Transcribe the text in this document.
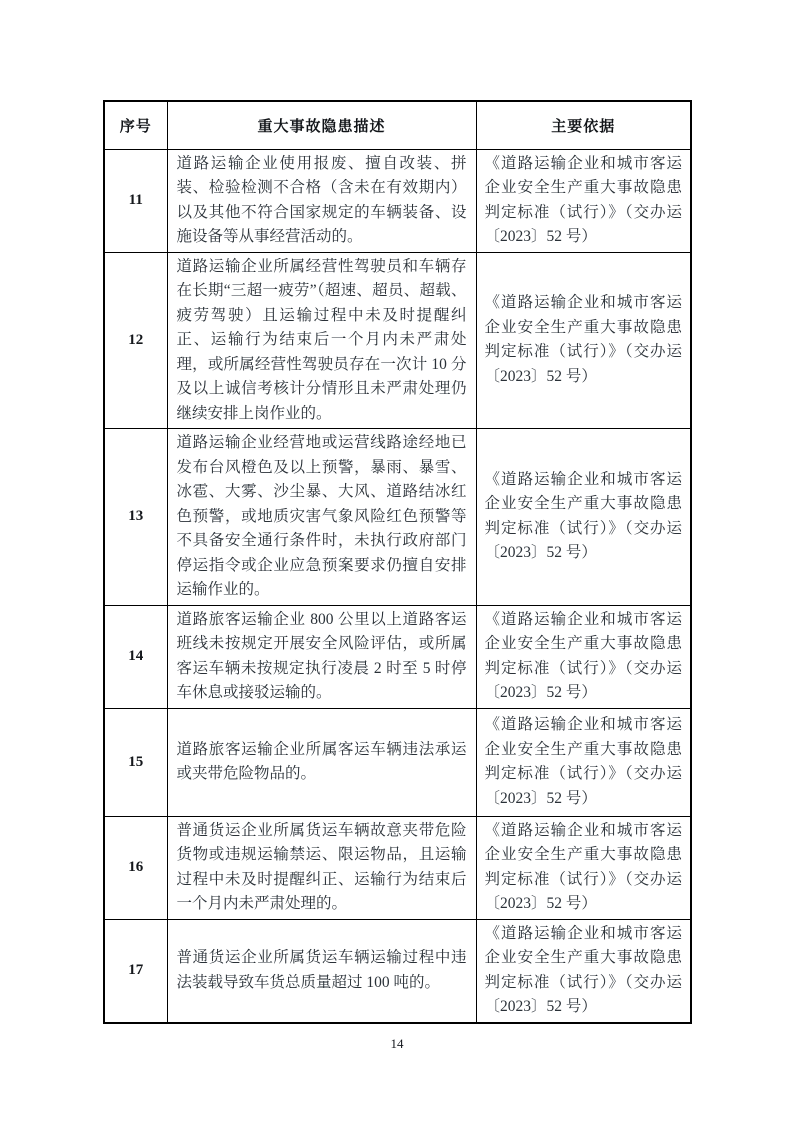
序号	重大事故隐患描述	主要依据
11	道路运输企业使用报废、擅自改装、拼装、检验检测不合格（含未在有效期内）以及其他不符合国家规定的车辆装备、设施设备等从事经营活动的。	《道路运输企业和城市客运企业安全生产重大事故隐患判定标准（试行）》（交办运〔2023〕52 号）
12	道路运输企业所属经营性驾驶员和车辆存在长期“三超一疲劳”（超速、超员、超载、疲劳驾驶）且运输过程中未及时提醒纠正、运输行为结束后一个月内未严肃处理，或所属经营性驾驶员存在一次计 10 分及以上诚信考核计分情形且未严肃处理仍继续安排上岗作业的。	《道路运输企业和城市客运企业安全生产重大事故隐患判定标准（试行）》（交办运〔2023〕52 号）
13	道路运输企业经营地或运营线路途经地已发布台风橙色及以上预警，暴雨、暴雪、冰雹、大雾、沙尘暴、大风、道路结冰红色预警，或地质灾害气象风险红色预警等不具备安全通行条件时，未执行政府部门停运指令或企业应急预案要求仍擅自安排运输作业的。	《道路运输企业和城市客运企业安全生产重大事故隐患判定标准（试行）》（交办运〔2023〕52 号）
14	道路旅客运输企业 800 公里以上道路客运班线未按规定开展安全风险评估，或所属客运车辆未按规定执行凌晨 2 时至 5 时停车休息或接驳运输的。	《道路运输企业和城市客运企业安全生产重大事故隐患判定标准（试行）》（交办运〔2023〕52 号）
15	道路旅客运输企业所属客运车辆违法承运或夹带危险物品的。	《道路运输企业和城市客运企业安全生产重大事故隐患判定标准（试行）》（交办运〔2023〕52 号）
16	普通货运企业所属货运车辆故意夹带危险货物或违规运输禁运、限运物品，且运输过程中未及时提醒纠正、运输行为结束后一个月内未严肃处理的。	《道路运输企业和城市客运企业安全生产重大事故隐患判定标准（试行）》（交办运〔2023〕52 号）
17	普通货运企业所属货运车辆运输过程中违法装载导致车货总质量超过 100 吨的。	《道路运输企业和城市客运企业安全生产重大事故隐患判定标准（试行）》（交办运〔2023〕52 号）
14
